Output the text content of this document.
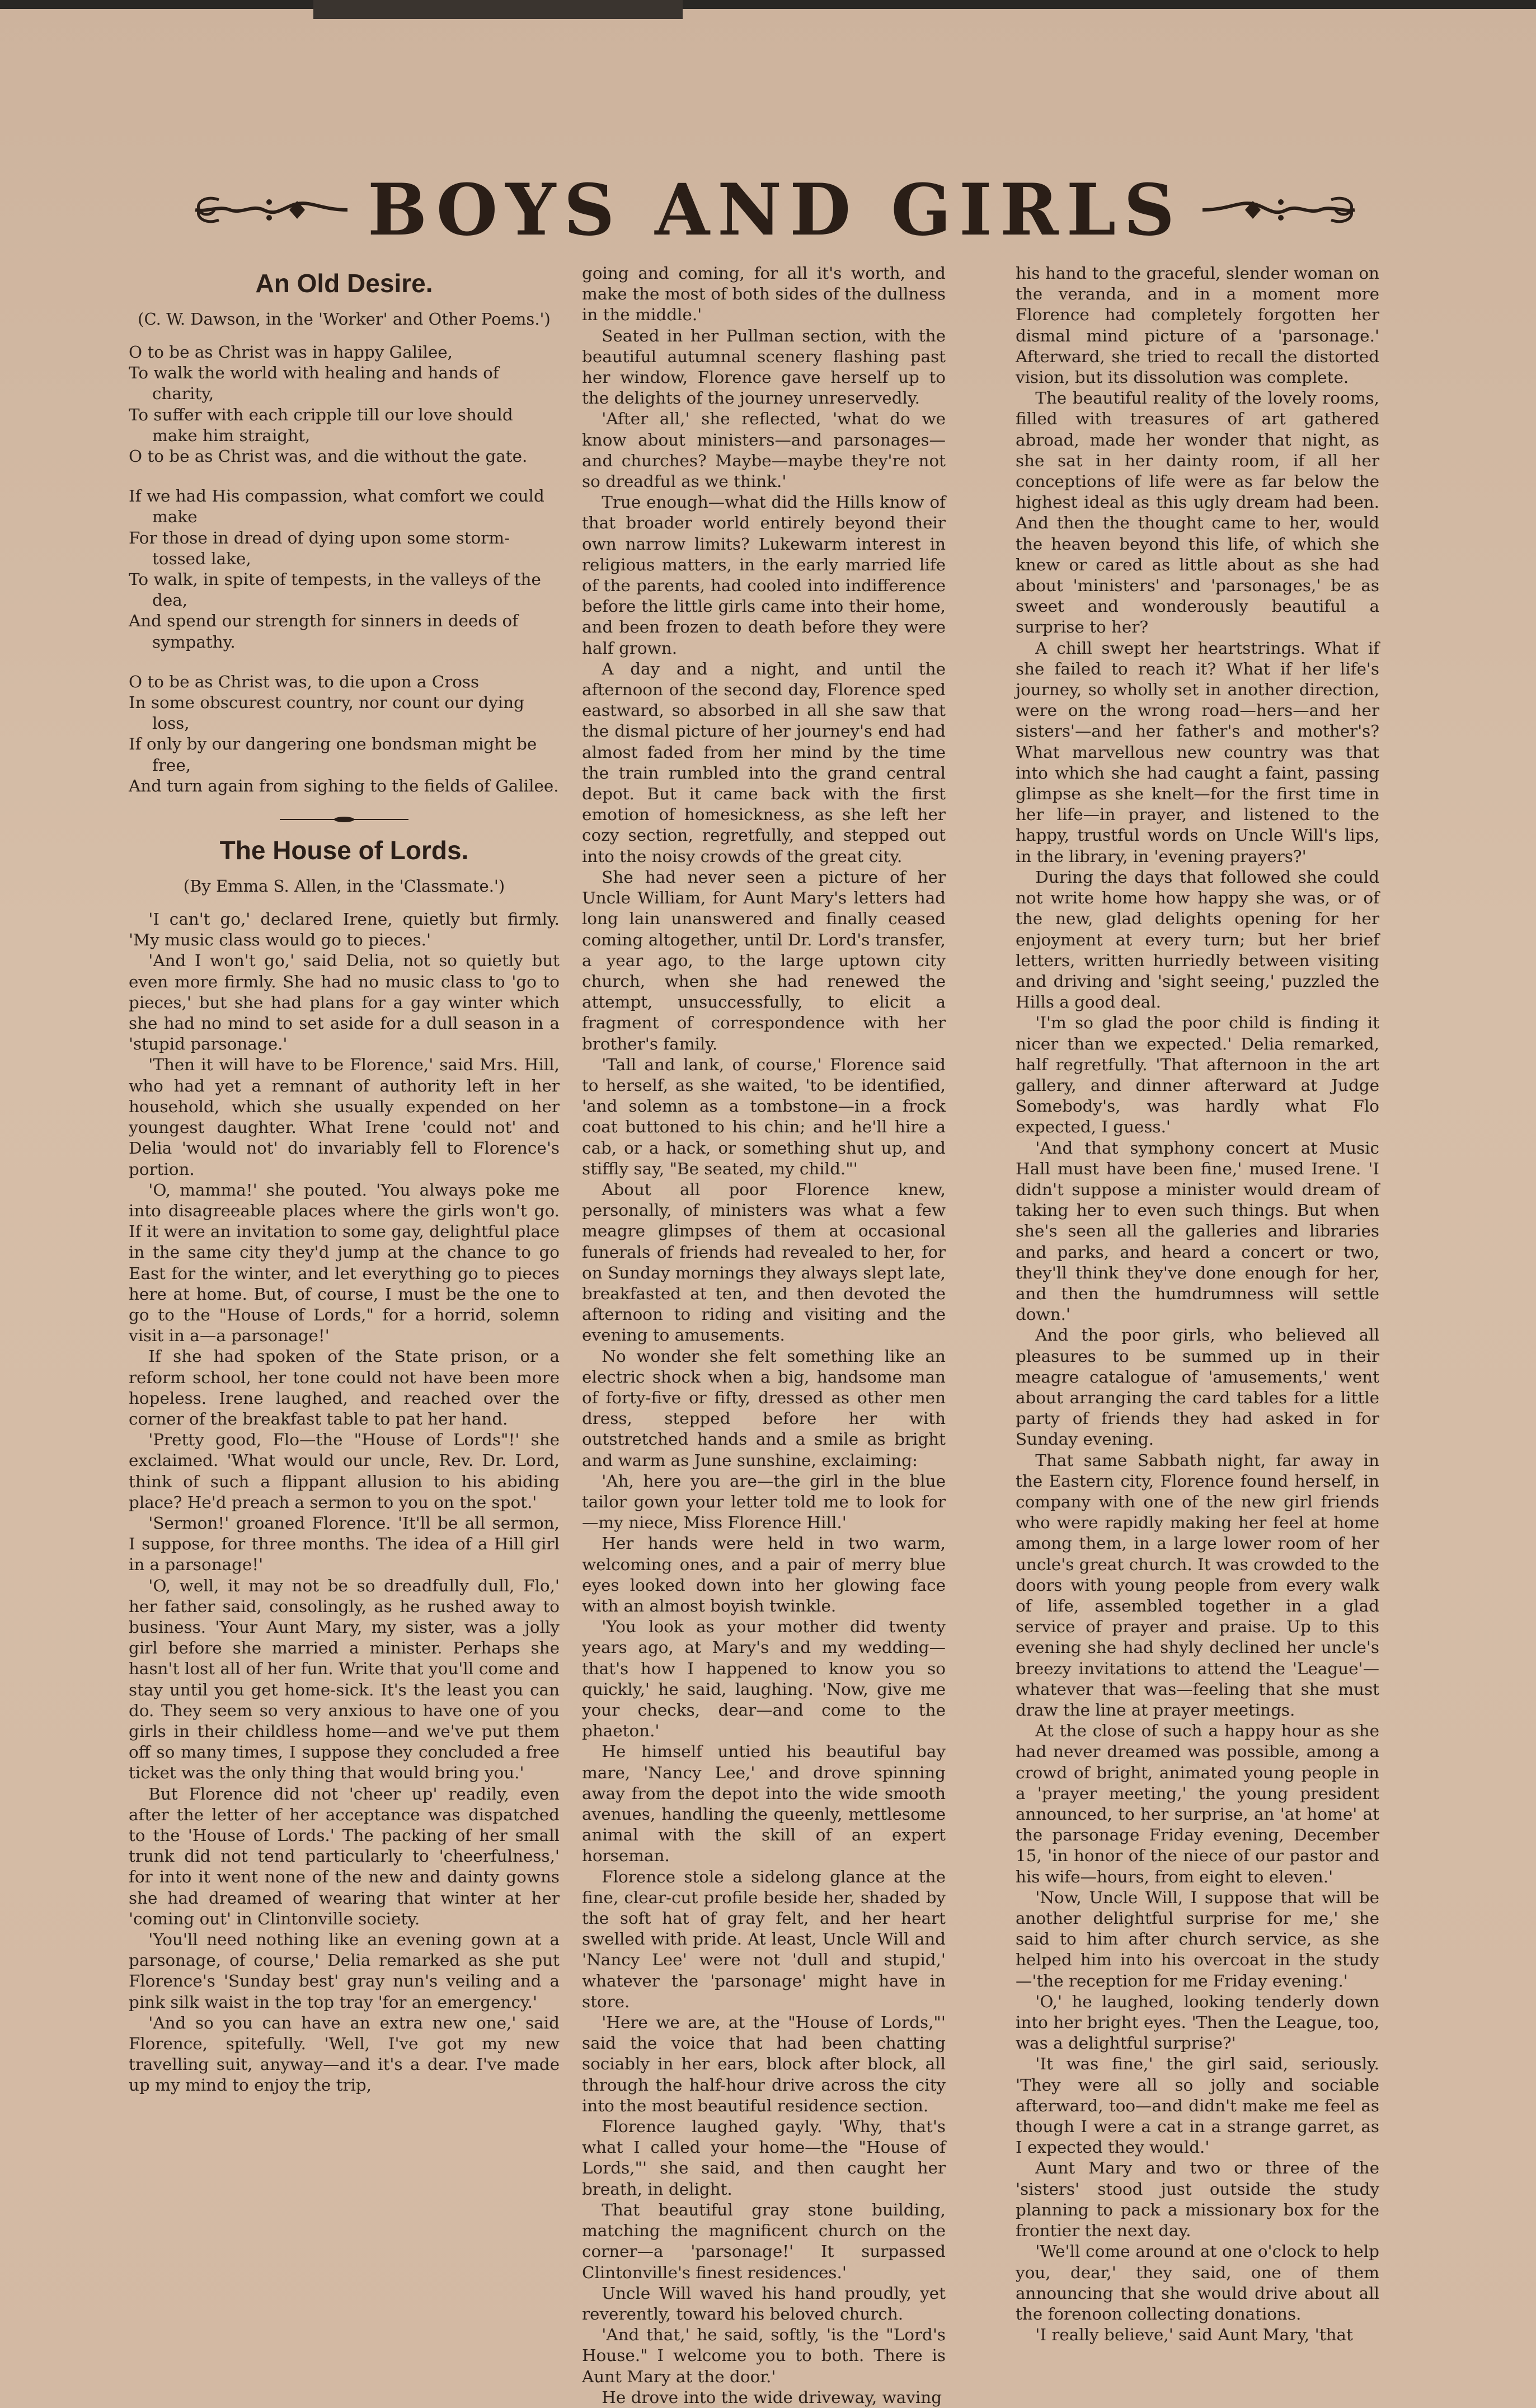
BOYS AND GIRLS
An Old Desire.
(C. W. Dawson, in the 'Worker' and Other Poems.')
O to be as Christ was in happy Galilee,
To walk the world with healing and hands of charity,
To suffer with each cripple till our love should make him straight,
O to be as Christ was, and die without the gate.
If we had His compassion, what comfort we could make
For those in dread of dying upon some storm-tossed lake,
To walk, in spite of tempests, in the valleys of the dea,
And spend our strength for sinners in deeds of sympathy.
O to be as Christ was, to die upon a Cross
In some obscurest country, nor count our dying loss,
If only by our dangering one bondsman might be free,
And turn again from sighing to the fields of Galilee.
The House of Lords.
(By Emma S. Allen, in the 'Classmate.')

'I can't go,' declared Irene, quietly but firmly. 'My music class would go to pieces.'

'And I won't go,' said Delia, not so quietly but even more firmly. She had no music class to 'go to pieces,' but she had plans for a gay winter which she had no mind to set aside for a dull season in a 'stupid parsonage.'

'Then it will have to be Florence,' said Mrs. Hill, who had yet a remnant of authority left in her household, which she usually expended on her youngest daughter. What Irene 'could not' and Delia 'would not' do invariably fell to Florence's portion.

'O, mamma!' she pouted. 'You always poke me into disagreeable places where the girls won't go. If it were an invitation to some gay, delightful place in the same city they'd jump at the chance to go East for the winter, and let everything go to pieces here at home. But, of course, I must be the one to go to the "House of Lords," for a horrid, solemn visit in a—a parsonage!'

If she had spoken of the State prison, or a reform school, her tone could not have been more hopeless. Irene laughed, and reached over the corner of the breakfast table to pat her hand.

'Pretty good, Flo—the "House of Lords"!' she exclaimed. 'What would our uncle, Rev. Dr. Lord, think of such a flippant allusion to his abiding place? He'd preach a sermon to you on the spot.'

'Sermon!' groaned Florence. 'It'll be all sermon, I suppose, for three months. The idea of a Hill girl in a parsonage!'

'O, well, it may not be so dreadfully dull, Flo,' her father said, consolingly, as he rushed away to business. 'Your Aunt Mary, my sister, was a jolly girl before she married a minister. Perhaps she hasn't lost all of her fun. Write that you'll come and stay until you get home-sick. It's the least you can do. They seem so very anxious to have one of you girls in their childless home—and we've put them off so many times, I suppose they concluded a free ticket was the only thing that would bring you.'

But Florence did not 'cheer up' readily, even after the letter of her acceptance was dispatched to the 'House of Lords.' The packing of her small trunk did not tend particularly to 'cheerfulness,' for into it went none of the new and dainty gowns she had dreamed of wearing that winter at her 'coming out' in Clintonville society.

'You'll need nothing like an evening gown at a parsonage, of course,' Delia remarked as she put Florence's 'Sunday best' gray nun's veiling and a pink silk waist in the top tray 'for an emergency.'

'And so you can have an extra new one,' said Florence, spitefully. 'Well, I've got my new travelling suit, anyway—and it's a dear. I've made up my mind to enjoy the trip,

going and coming, for all it's worth, and make the most of both sides of the dullness in the middle.'

Seated in her Pullman section, with the beautiful autumnal scenery flashing past her window, Florence gave herself up to the delights of the journey unreservedly.

'After all,' she reflected, 'what do we know about ministers—and parsonages—and churches? Maybe—maybe they're not so dreadful as we think.'

True enough—what did the Hills know of that broader world entirely beyond their own narrow limits? Lukewarm interest in religious matters, in the early married life of the parents, had cooled into indifference before the little girls came into their home, and been frozen to death before they were half grown.

A day and a night, and until the afternoon of the second day, Florence sped eastward, so absorbed in all she saw that the dismal picture of her journey's end had almost faded from her mind by the time the train rumbled into the grand central depot. But it came back with the first emotion of homesickness, as she left her cozy section, regretfully, and stepped out into the noisy crowds of the great city.

She had never seen a picture of her Uncle William, for Aunt Mary's letters had long lain unanswered and finally ceased coming altogether, until Dr. Lord's transfer, a year ago, to the large uptown city church, when she had renewed the attempt, unsuccessfully, to elicit a fragment of correspondence with her brother's family.

'Tall and lank, of course,' Florence said to herself, as she waited, 'to be identified, 'and solemn as a tombstone—in a frock coat buttoned to his chin; and he'll hire a cab, or a hack, or something shut up, and stiffly say, "Be seated, my child."'

About all poor Florence knew, personally, of ministers was what a few meagre glimpses of them at occasional funerals of friends had revealed to her, for on Sunday mornings they always slept late, breakfasted at ten, and then devoted the afternoon to riding and visiting and the evening to amusements.

No wonder she felt something like an electric shock when a big, handsome man of forty-five or fifty, dressed as other men dress, stepped before her with outstretched hands and a smile as bright and warm as June sunshine, exclaiming:

'Ah, here you are—the girl in the blue tailor gown your letter told me to look for—my niece, Miss Florence Hill.'

Her hands were held in two warm, welcoming ones, and a pair of merry blue eyes looked down into her glowing face with an almost boyish twinkle.

'You look as your mother did twenty years ago, at Mary's and my wedding—that's how I happened to know you so quickly,' he said, laughing. 'Now, give me your checks, dear—and come to the phaeton.'

He himself untied his beautiful bay mare, 'Nancy Lee,' and drove spinning away from the depot into the wide smooth avenues, handling the queenly, mettlesome animal with the skill of an expert horseman.

Florence stole a sidelong glance at the fine, clear-cut profile beside her, shaded by the soft hat of gray felt, and her heart swelled with pride. At least, Uncle Will and 'Nancy Lee' were not 'dull and stupid,' whatever the 'parsonage' might have in store.

'Here we are, at the "House of Lords,"' said the voice that had been chatting sociably in her ears, block after block, all through the half-hour drive across the city into the most beautiful residence section.

Florence laughed gayly. 'Why, that's what I called your home—the "House of Lords,"' she said, and then caught her breath, in delight.

That beautiful gray stone building, matching the magnificent church on the corner—a 'parsonage!' It surpassed Clintonville's finest residences.'

Uncle Will waved his hand proudly, yet reverently, toward his beloved church.

'And that,' he said, softly, 'is the "Lord's House." I welcome you to both. There is Aunt Mary at the door.'

He drove into the wide driveway, waving

his hand to the graceful, slender woman on the veranda, and in a moment more Florence had completely forgotten her dismal mind picture of a 'parsonage.' Afterward, she tried to recall the distorted vision, but its dissolution was complete.

The beautiful reality of the lovely rooms, filled with treasures of art gathered abroad, made her wonder that night, as she sat in her dainty room, if all her conceptions of life were as far below the highest ideal as this ugly dream had been. And then the thought came to her, would the heaven beyond this life, of which she knew or cared as little about as she had about 'ministers' and 'parsonages,' be as sweet and wonderously beautiful a surprise to her?

A chill swept her heartstrings. What if she failed to reach it? What if her life's journey, so wholly set in another direction, were on the wrong road—hers—and her sisters'—and her father's and mother's? What marvellous new country was that into which she had caught a faint, passing glimpse as she knelt—for the first time in her life—in prayer, and listened to the happy, trustful words on Uncle Will's lips, in the library, in 'evening prayers?'

During the days that followed she could not write home how happy she was, or of the new, glad delights opening for her enjoyment at every turn; but her brief letters, written hurriedly between visiting and driving and 'sight seeing,' puzzled the Hills a good deal.

'I'm so glad the poor child is finding it nicer than we expected.' Delia remarked, half regretfully. 'That afternoon in the art gallery, and dinner afterward at Judge Somebody's, was hardly what Flo expected, I guess.'

'And that symphony concert at Music Hall must have been fine,' mused Irene. 'I didn't suppose a minister would dream of taking her to even such things. But when she's seen all the galleries and libraries and parks, and heard a concert or two, they'll think they've done enough for her, and then the humdrumness will settle down.'

And the poor girls, who believed all pleasures to be summed up in their meagre catalogue of 'amusements,' went about arranging the card tables for a little party of friends they had asked in for Sunday evening.

That same Sabbath night, far away in the Eastern city, Florence found herself, in company with one of the new girl friends who were rapidly making her feel at home among them, in a large lower room of her uncle's great church. It was crowded to the doors with young people from every walk of life, assembled together in a glad service of prayer and praise. Up to this evening she had shyly declined her uncle's breezy invitations to attend the 'League'—whatever that was—feeling that she must draw the line at prayer meetings.

At the close of such a happy hour as she had never dreamed was possible, among a crowd of bright, animated young people in a 'prayer meeting,' the young president announced, to her surprise, an 'at home' at the parsonage Friday evening, December 15, 'in honor of the niece of our pastor and his wife—hours, from eight to eleven.'

'Now, Uncle Will, I suppose that will be another delightful surprise for me,' she said to him after church service, as she helped him into his overcoat in the study—'the reception for me Friday evening.'

'O,' he laughed, looking tenderly down into her bright eyes. 'Then the League, too, was a delightful surprise?'

'It was fine,' the girl said, seriously. 'They were all so jolly and sociable afterward, too—and didn't make me feel as though I were a cat in a strange garret, as I expected they would.'

Aunt Mary and two or three of the 'sisters' stood just outside the study planning to pack a missionary box for the frontier the next day.

'We'll come around at one o'clock to help you, dear,' they said, one of them announcing that she would drive about all the forenoon collecting donations.

'I really believe,' said Aunt Mary, 'that
